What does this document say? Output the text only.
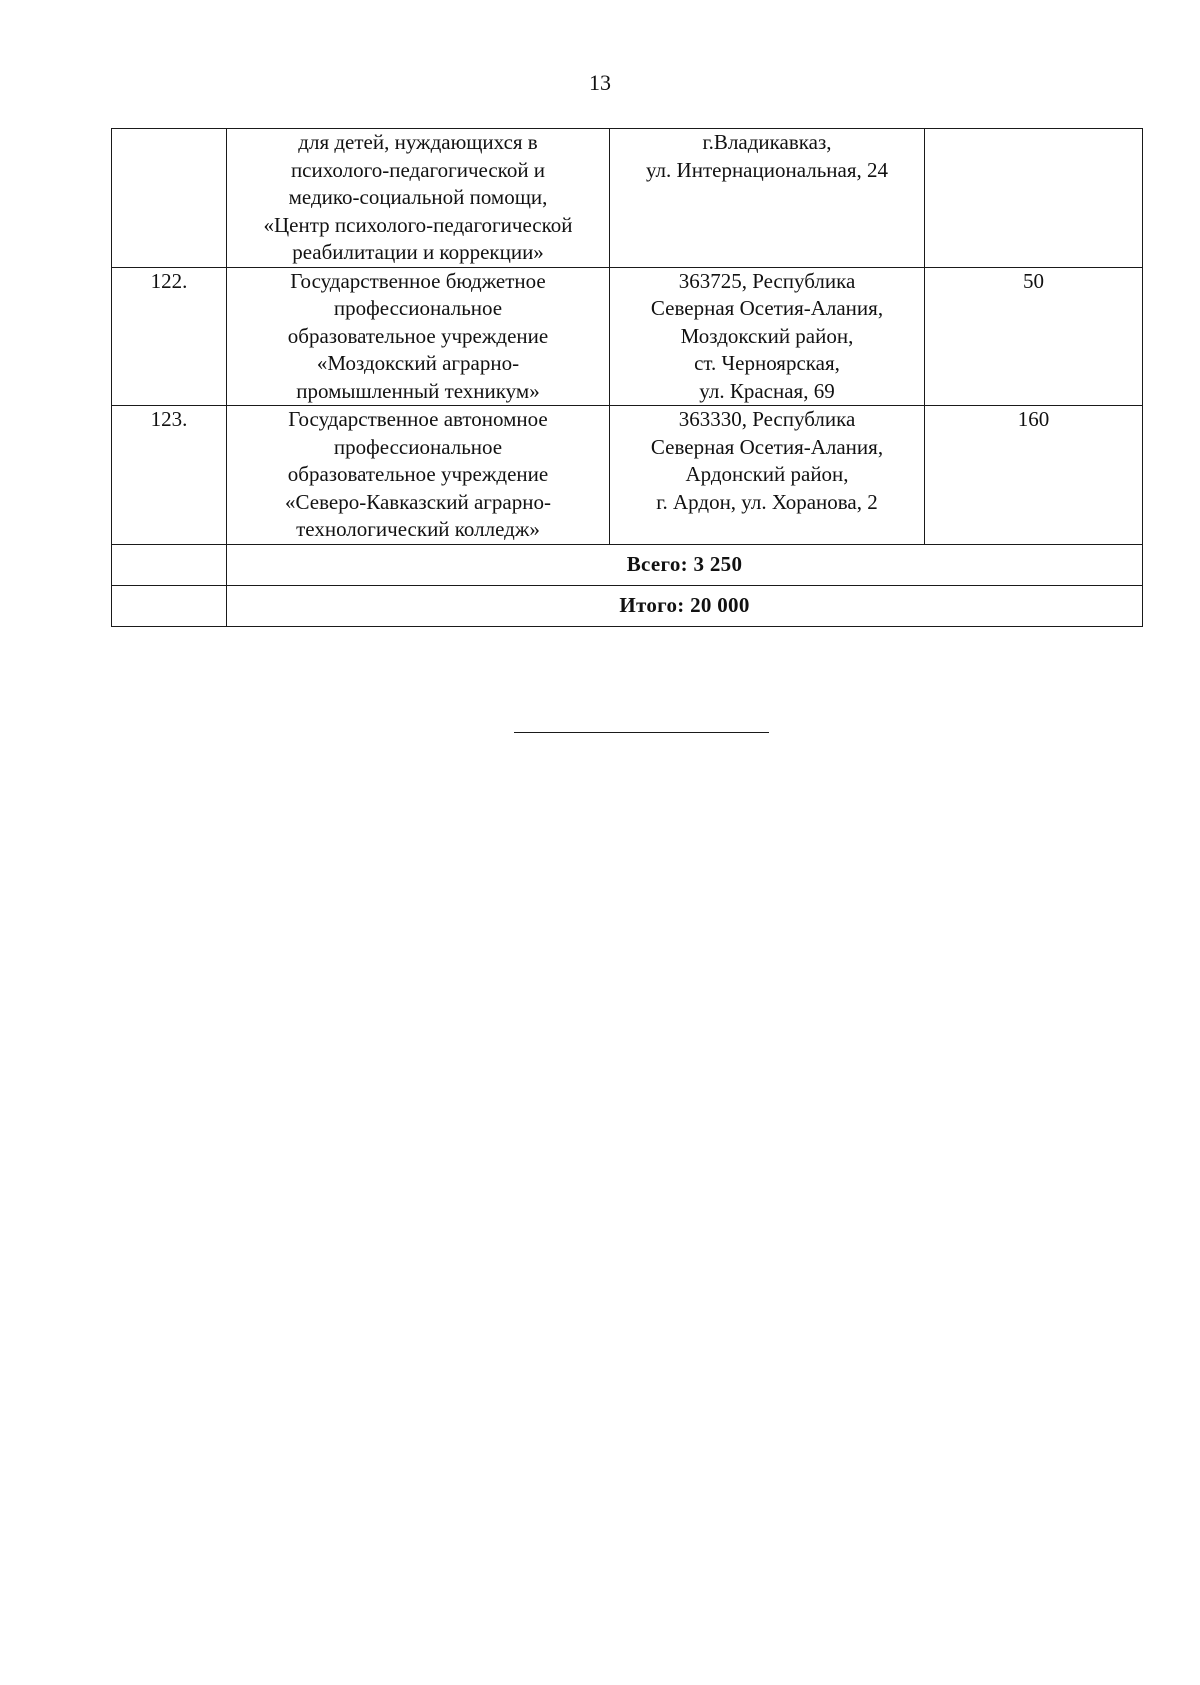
13

	для детей, нуждающихся в
психолого-педагогической и
медико-социальной помощи,
«Центр психолого-педагогической
реабилитации и коррекции»	г.Владикавказ,
ул. Интернациональная, 24	

122.	Государственное бюджетное
профессиональное
образовательное учреждение
«Моздокский аграрно-
промышленный техникум»	363725, Республика
Северная Осетия-Алания,
Моздокский район,
ст. Черноярская,
ул. Красная, 69	50
123.	Государственное автономное
профессиональное
образовательное учреждение
«Северо-Кавказский аграрно-
технологический колледж»	363330, Республика
Северная Осетия-Алания,
Ардонский район,
г. Ардон, ул. Хоранова, 2	160
	Всего: 3 250		
	Итого: 20 000		
